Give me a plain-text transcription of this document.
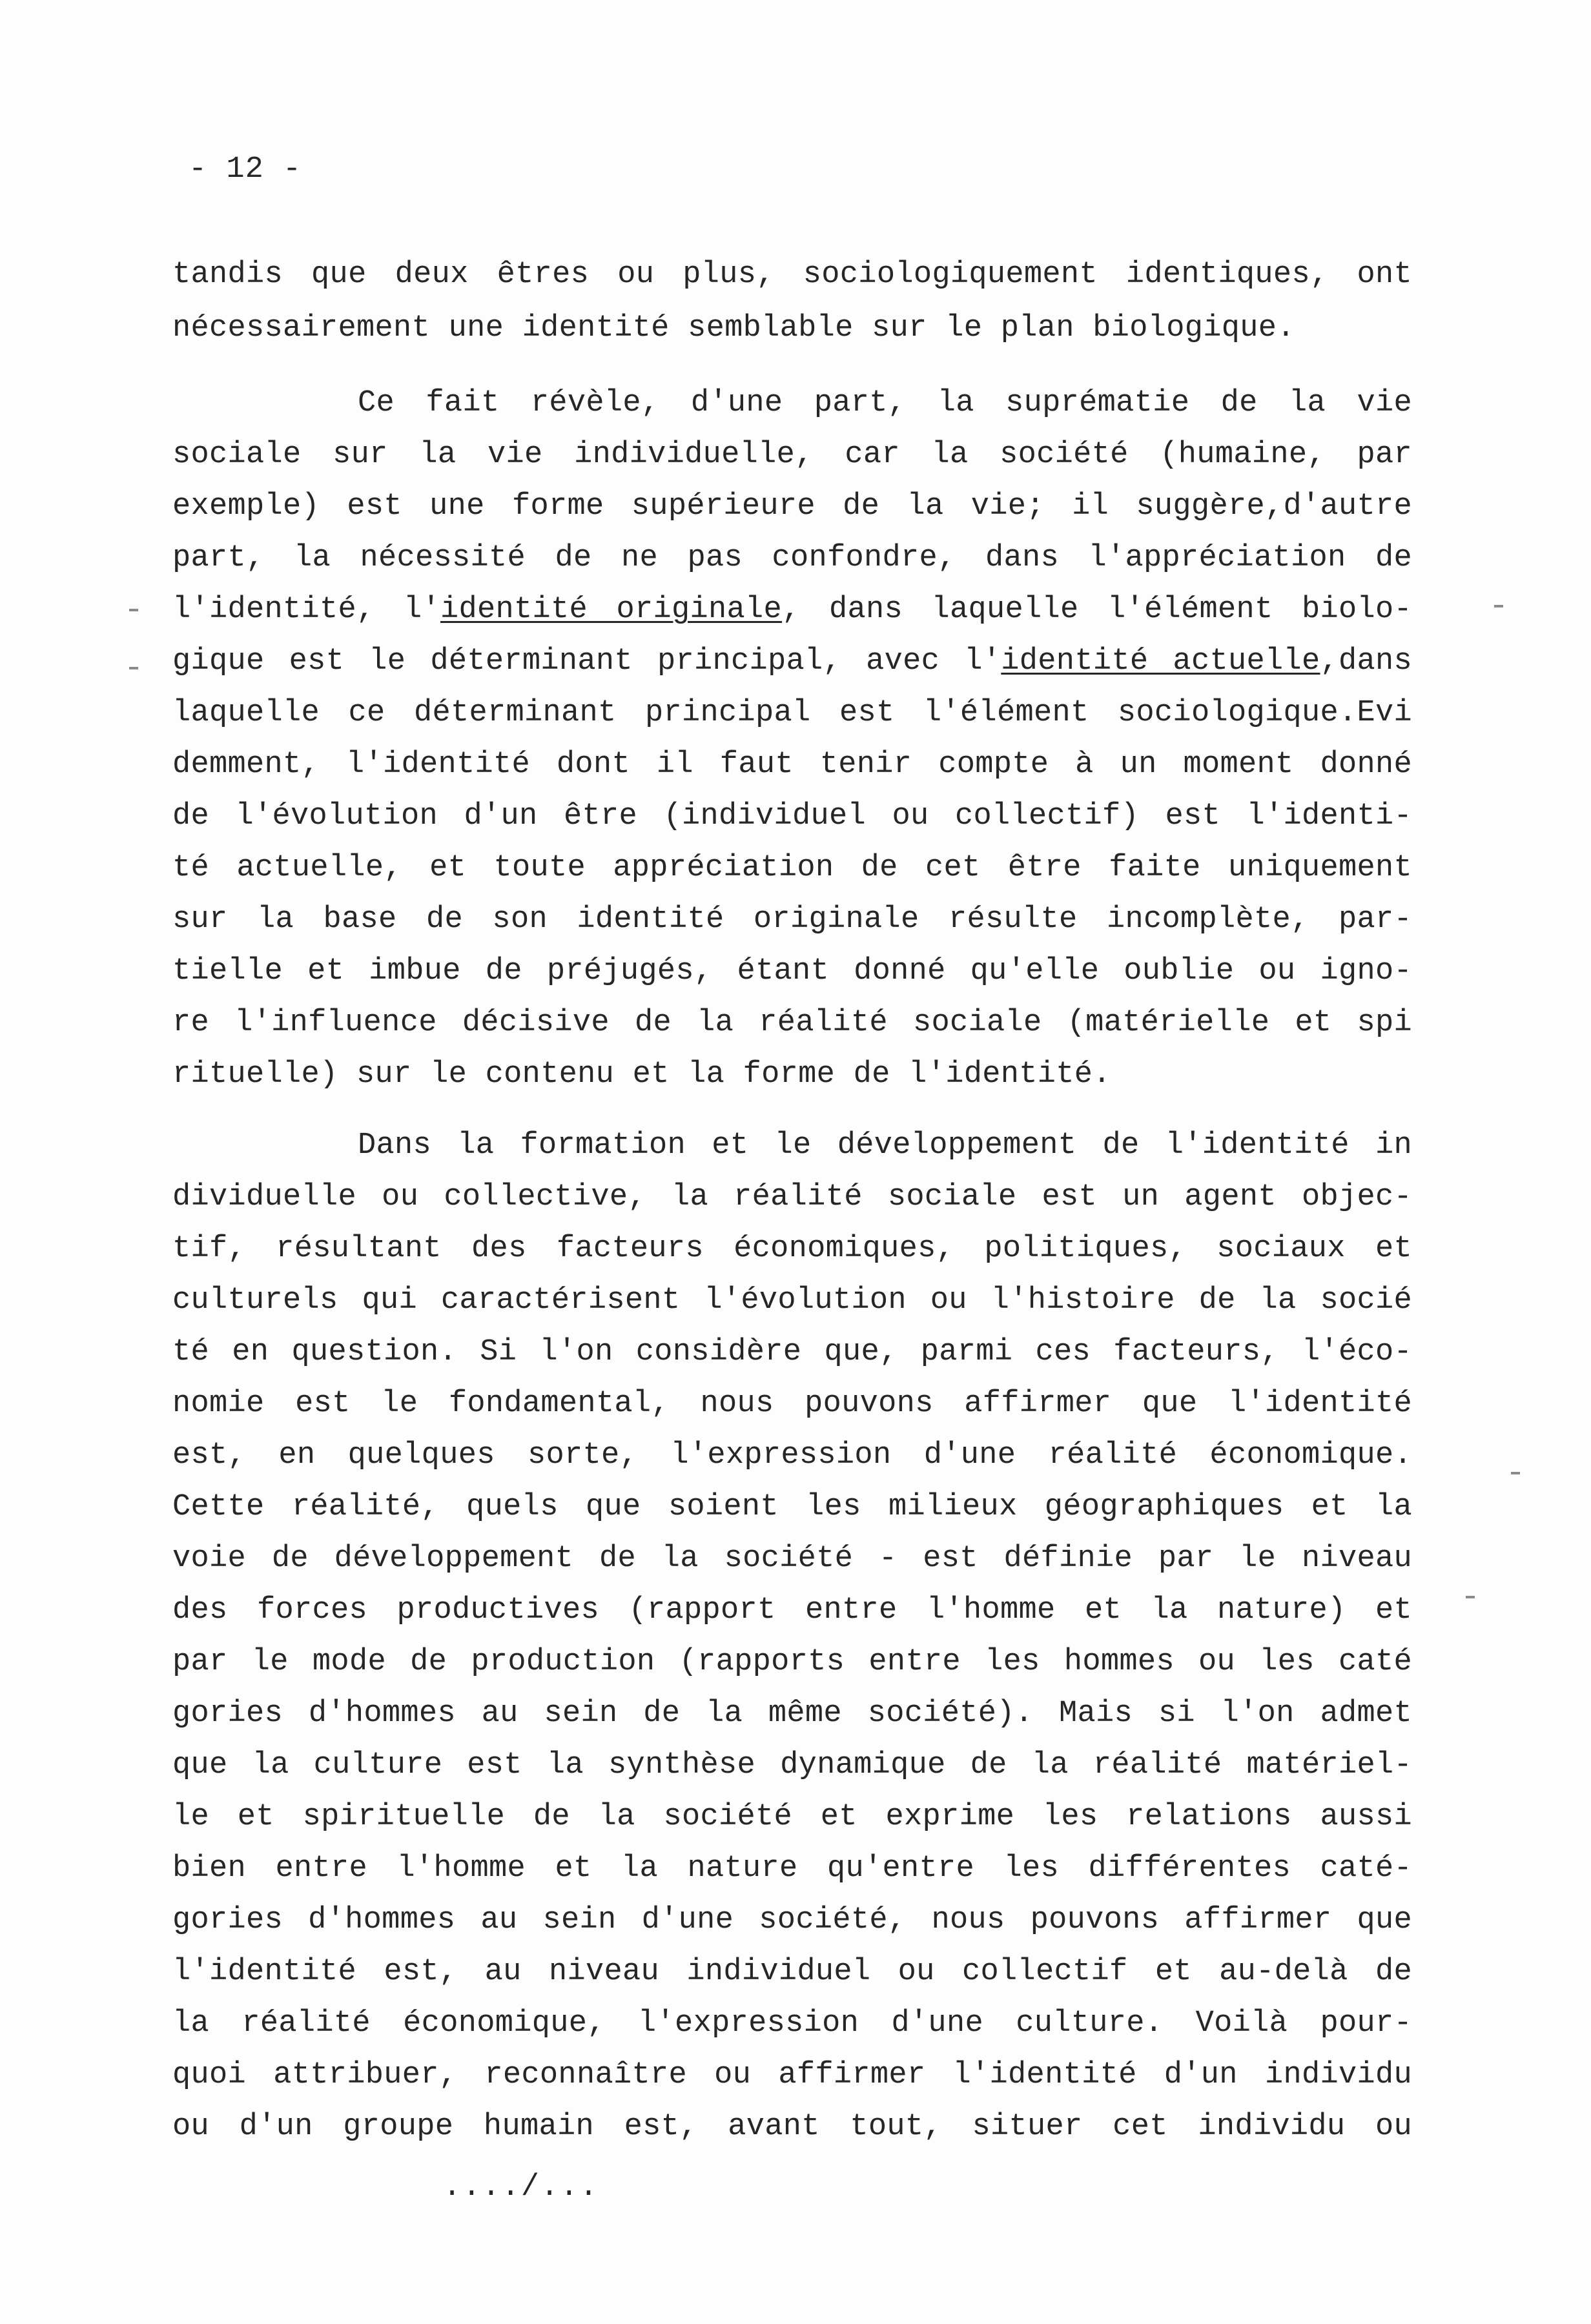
- 12 -
tandis que deux êtres ou plus, sociologiquement identiques, ont
nécessairement une identité semblable sur le plan biologique.
Ce fait révèle, d'une part, la suprématie de la vie
sociale sur la vie individuelle, car la société (humaine, par
exemple) est une forme supérieure de la vie; il suggère,d'autre
part, la nécessité de ne pas confondre, dans l'appréciation de
l'identité, l'identité originale, dans laquelle l'élément biolo-
gique est le déterminant principal, avec l'identité actuelle,dans
laquelle ce déterminant principal est l'élément sociologique.Evi
demment, l'identité dont il faut tenir compte à un moment donné
de l'évolution d'un être (individuel ou collectif) est l'identi-
té actuelle, et toute appréciation de cet être faite uniquement
sur la base de son identité originale résulte incomplète, par-
tielle et imbue de préjugés, étant donné qu'elle oublie ou igno-
re l'influence décisive de la réalité sociale (matérielle et spi
rituelle) sur le contenu et la forme de l'identité.
Dans la formation et le développement de l'identité in
dividuelle ou collective, la réalité sociale est un agent objec-
tif, résultant des facteurs économiques, politiques, sociaux et
culturels qui caractérisent l'évolution ou l'histoire de la socié
té en question. Si l'on considère que, parmi ces facteurs, l'éco-
nomie est le fondamental, nous pouvons affirmer que l'identité
est, en quelques sorte, l'expression d'une réalité économique.
Cette réalité, quels que soient les milieux géographiques et la
voie de développement de la société - est définie par le niveau
des forces productives (rapport entre l'homme et la nature) et
par le mode de production (rapports entre les hommes ou les caté
gories d'hommes au sein de la même société). Mais si l'on admet
que la culture est la synthèse dynamique de la réalité matériel-
le et spirituelle de la société et exprime les relations aussi
bien entre l'homme et la nature qu'entre les différentes caté-
gories d'hommes au sein d'une société, nous pouvons affirmer que
l'identité est, au niveau individuel ou collectif et au-delà de
la réalité économique, l'expression d'une culture. Voilà pour-
quoi attribuer, reconnaître ou affirmer l'identité d'un individu
ou d'un groupe humain est, avant tout, situer cet individu ou
..../...
